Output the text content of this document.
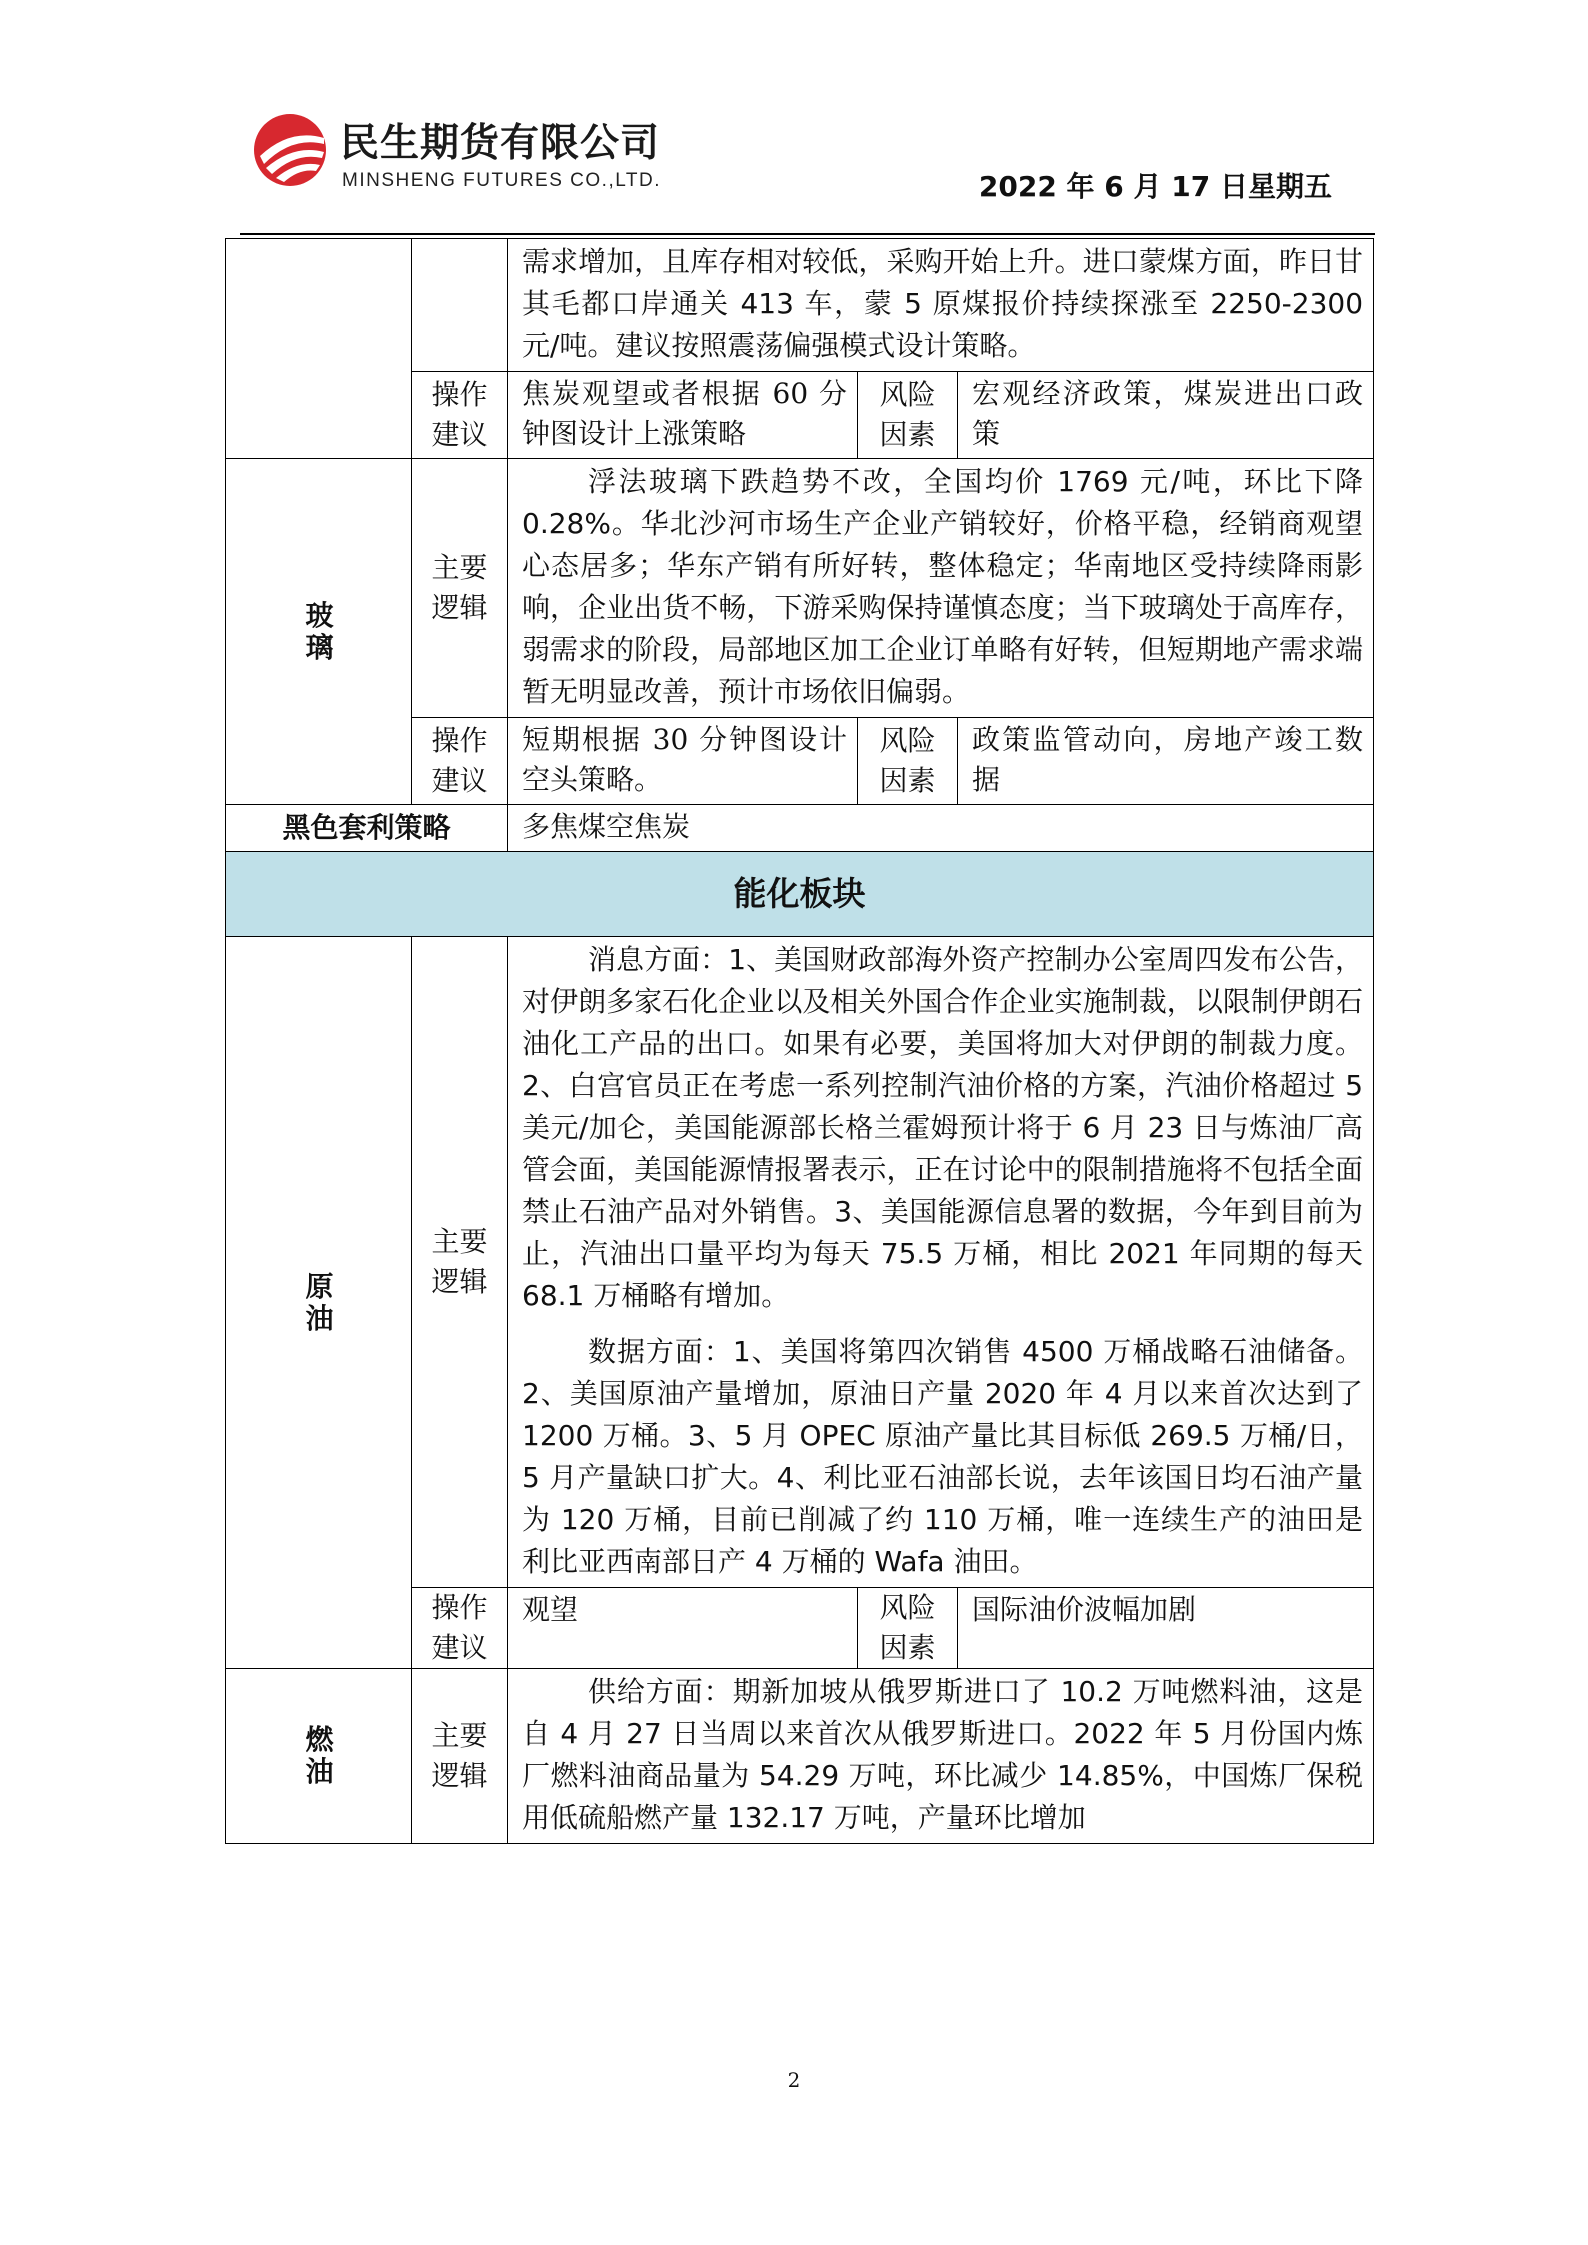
民生期货有限公司
MINSHENG FUTURES CO.,LTD.	2022 年 6 月 17 日星期五

		需求增加，且库存相对较低，采购开始上升。进口蒙煤方面，昨日甘其毛都口岸通关 413 车，蒙 5 原煤报价持续探涨至 2250-2300 元/吨。建议按照震荡偏强模式设计策略。		

	操作建议	焦炭观望或者根据 60 分钟图设计上涨策略	风险因素	宏观经济政策，煤炭进出口政策

玻璃	主要逻辑	浮法玻璃下跌趋势不改，全国均价 1769 元/吨，环比下降 0.28%。华北沙河市场生产企业产销较好，价格平稳，经销商观望心态居多；华东产销有所好转，整体稳定；华南地区受持续降雨影响，企业出货不畅，下游采购保持谨慎态度；当下玻璃处于高库存，弱需求的阶段，局部地区加工企业订单略有好转，但短期地产需求端暂无明显改善，预计市场依旧偏弱。		

	操作建议	短期根据 30 分钟图设计空头策略。	风险因素	政策监管动向，房地产竣工数据

黑色套利策略		多焦煤空焦炭		

能化板块				

原油	主要逻辑	消息方面：1、美国财政部海外资产控制办公室周四发布公告，对伊朗多家石化企业以及相关外国合作企业实施制裁，以限制伊朗石油化工产品的出口。如果有必要，美国将加大对伊朗的制裁力度。2、白宫官员正在考虑一系列控制汽油价格的方案，汽油价格超过 5 美元/加仑，美国能源部长格兰霍姆预计将于 6 月 23 日与炼油厂高管会面，美国能源情报署表示，正在讨论中的限制措施将不包括全面禁止石油产品对外销售。3、美国能源信息署的数据，今年到目前为止，汽油出口量平均为每天 75.5 万桶，相比 2021 年同期的每天 68.1 万桶略有增加。

数据方面：1、美国将第四次销售 4500 万桶战略石油储备。2、美国原油产量增加，原油日产量 2020 年 4 月以来首次达到了 1200 万桶。3、5 月 OPEC 原油产量比其目标低 269.5 万桶/日，5 月产量缺口扩大。4、利比亚石油部长说，去年该国日均石油产量为 120 万桶，目前已削减了约 110 万桶，唯一连续生产的油田是利比亚西南部日产 4 万桶的 Wafa 油田。		

	操作建议	观望	风险因素	国际油价波幅加剧

燃油	主要逻辑	供给方面：期新加坡从俄罗斯进口了 10.2 万吨燃料油，这是自 4 月 27 日当周以来首次从俄罗斯进口。2022 年 5 月份国内炼厂燃料油商品量为 54.29 万吨，环比减少 14.85%，中国炼厂保税用低硫船燃产量 132.17 万吨，产量环比增加		
2
